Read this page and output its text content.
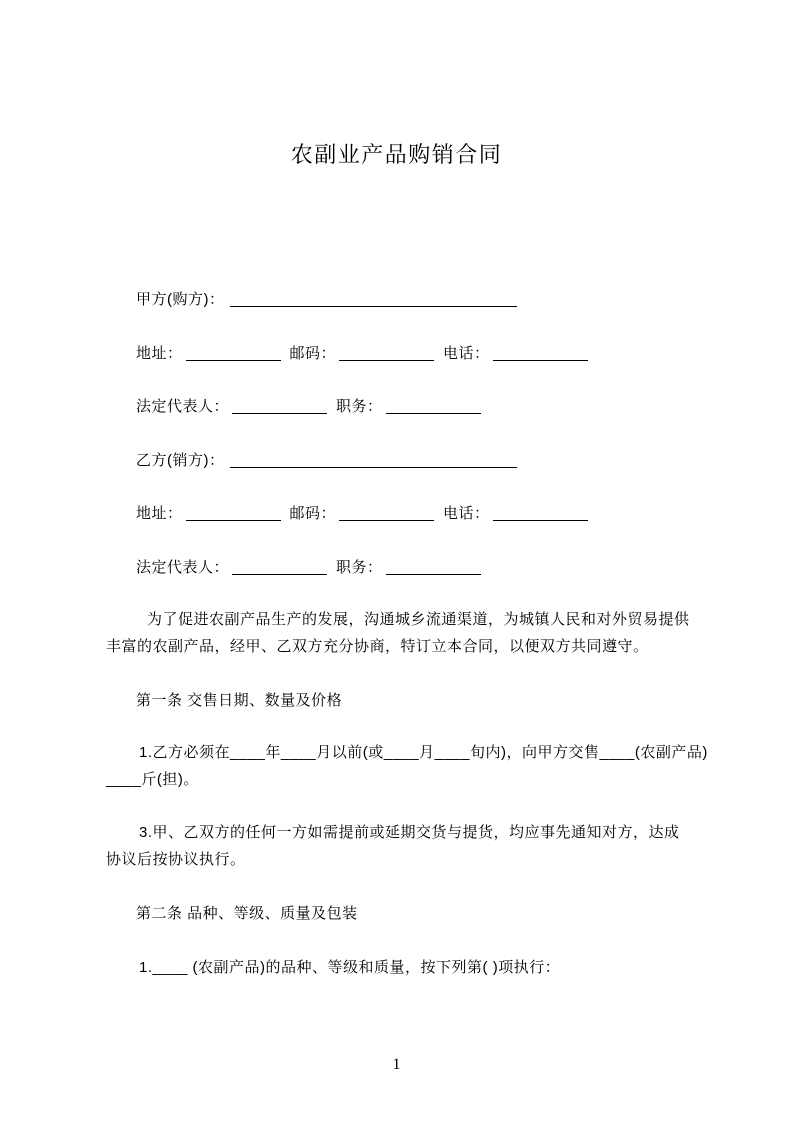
农副业产品购销合同
甲方(购方)：
地址：	邮码：	电话：
法定代表人：	职务：
乙方(销方)：
地址：	邮码：	电话：
法定代表人：	职务：
为了促进农副产品生产的发展，沟通城乡流通渠道，为城镇人民和对外贸易提供
丰富的农副产品，经甲、乙双方充分协商，特订立本合同，以便双方共同遵守。
第一条 交售日期、数量及价格
1.乙方必须在____年____月以前(或____月____旬内)，向甲方交售____(农副产品)
____斤(担)。
3.甲、乙双方的任何一方如需提前或延期交货与提货，均应事先通知对方，达成
协议后按协议执行。
第二条 品种、等级、质量及包装
1.____ (农副产品)的品种、等级和质量，按下列第( )项执行：
1
